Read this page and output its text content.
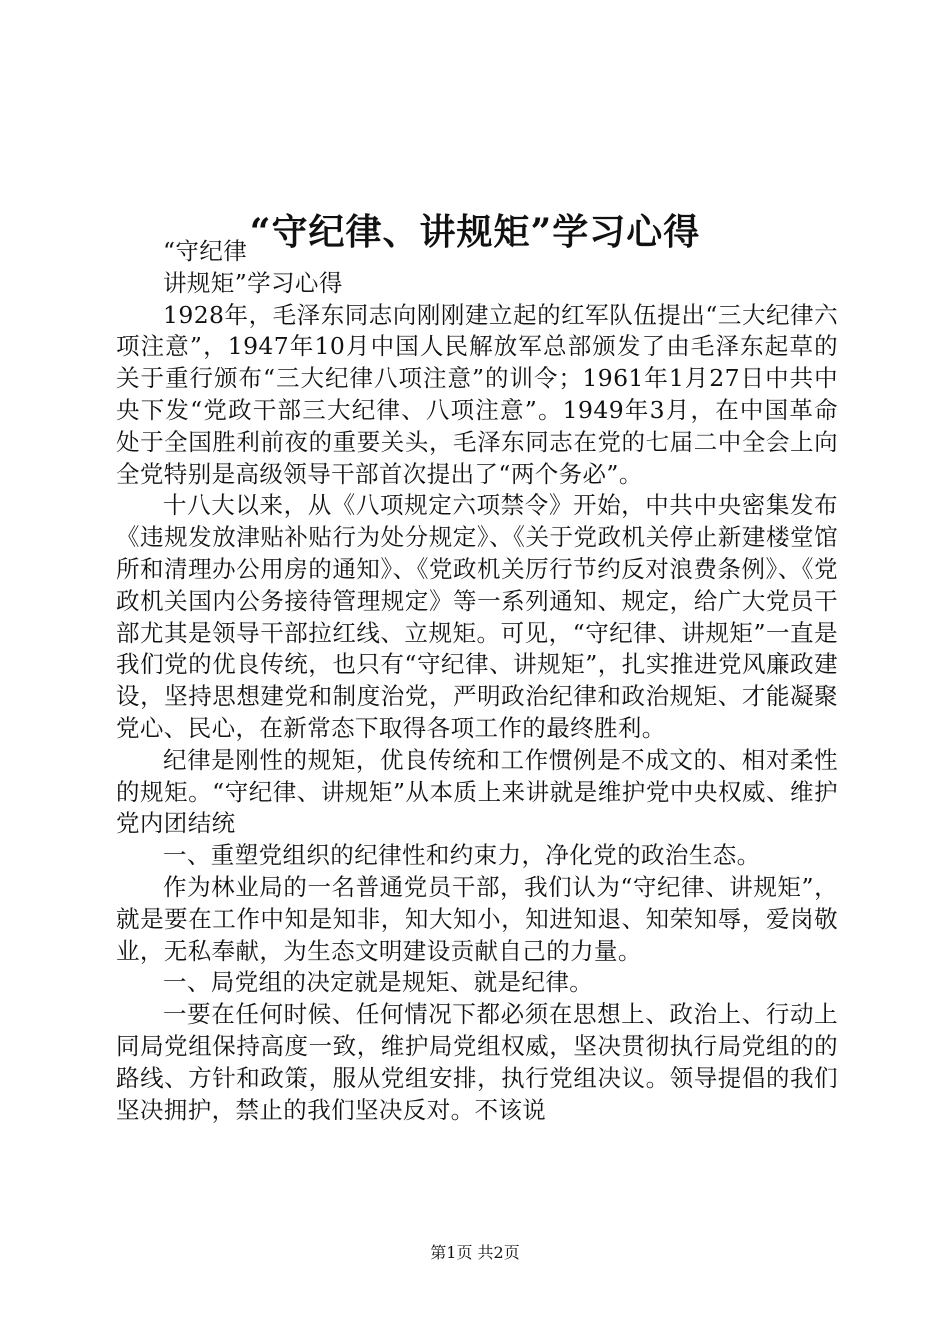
“守纪律、讲规矩”学习心得

“守纪律

讲规矩”学习心得

1928年，毛泽东同志向刚刚建立起的红军队伍提出“三大纪律六项注意”，1947年10月中国人民解放军总部颁发了由毛泽东起草的关于重行颁布“三大纪律八项注意”的训令；1961年1月27日中共中央下发“党政干部三大纪律、八项注意”。1949年3月，在中国革命处于全国胜利前夜的重要关头，毛泽东同志在党的七届二中全会上向全党特别是高级领导干部首次提出了“两个务必”。

十八大以来，从《八项规定六项禁令》开始，中共中央密集发布《违规发放津贴补贴行为处分规定》、《关于党政机关停止新建楼堂馆所和清理办公用房的通知》、《党政机关厉行节约反对浪费条例》、《党政机关国内公务接待管理规定》等一系列通知、规定，给广大党员干部尤其是领导干部拉红线、立规矩。可见，“守纪律、讲规矩”一直是我们党的优良传统，也只有“守纪律、讲规矩”，扎实推进党风廉政建设，坚持思想建党和制度治党，严明政治纪律和政治规矩、才能凝聚党心、民心，在新常态下取得各项工作的最终胜利。

纪律是刚性的规矩，优良传统和工作惯例是不成文的、相对柔性的规矩。“守纪律、讲规矩”从本质上来讲就是维护党中央权威、维护党内团结统

一、重塑党组织的纪律性和约束力，净化党的政治生态。

作为林业局的一名普通党员干部，我们认为“守纪律、讲规矩”，就是要在工作中知是知非，知大知小，知进知退、知荣知辱，爱岗敬业，无私奉献，为生态文明建设贡献自己的力量。

一、局党组的决定就是规矩、就是纪律。

一要在任何时候、任何情况下都必须在思想上、政治上、行动上同局党组保持高度一致，维护局党组权威，坚决贯彻执行局党组的的路线、方针和政策，服从党组安排，执行党组决议。领导提倡的我们坚决拥护，禁止的我们坚决反对。不该说

第1页 共2页
